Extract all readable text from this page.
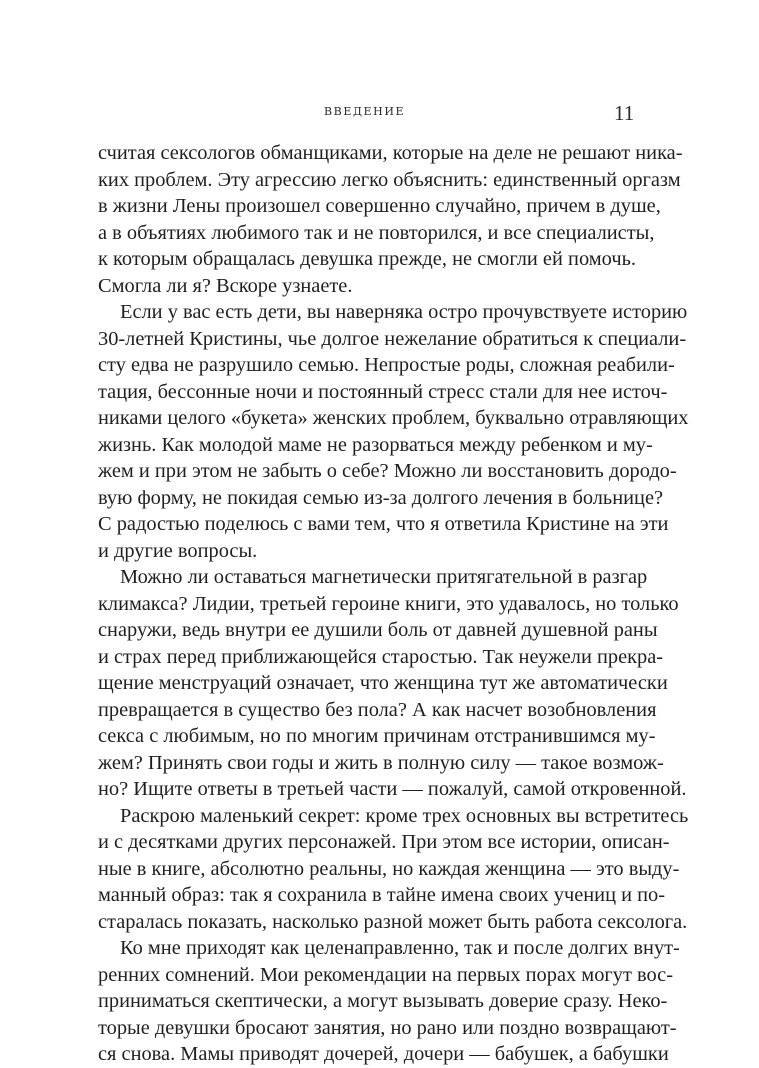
ВВЕДЕНИЕ	11

считая сексологов обманщиками, которые на деле не решают ника-
ких проблем. Эту агрессию легко объяснить: единственный оргазм
в жизни Лены произошел совершенно случайно, причем в душе,
а в объятиях любимого так и не повторился, и все специалисты,
к которым обращалась девушка прежде, не смогли ей помочь.
Смогла ли я? Вскоре узнаете.

Если у вас есть дети, вы наверняка остро прочувствуете историю
30-летней Кристины, чье долгое нежелание обратиться к специали-
сту едва не разрушило семью. Непростые роды, сложная реабили-
тация, бессонные ночи и постоянный стресс стали для нее источ-
никами целого «букета» женских проблем, буквально отравляющих
жизнь. Как молодой маме не разорваться между ребенком и му-
жем и при этом не забыть о себе? Можно ли восстановить дородо-
вую форму, не покидая семью из-за долгого лечения в больнице?
С радостью поделюсь с вами тем, что я ответила Кристине на эти
и другие вопросы.

Можно ли оставаться магнетически притягательной в разгар
климакса? Лидии, третьей героине книги, это удавалось, но только
снаружи, ведь внутри ее душили боль от давней душевной раны
и страх перед приближающейся старостью. Так неужели прекра-
щение менструаций означает, что женщина тут же автоматически
превращается в существо без пола? А как насчет возобновления
секса с любимым, но по многим причинам отстранившимся му-
жем? Принять свои годы и жить в полную силу — такое возмож-
но? Ищите ответы в третьей части — пожалуй, самой откровенной.

Раскрою маленький секрет: кроме трех основных вы встретитесь
и с десятками других персонажей. При этом все истории, описан-
ные в книге, абсолютно реальны, но каждая женщина — это выду-
манный образ: так я сохранила в тайне имена своих учениц и по-
старалась показать, насколько разной может быть работа сексолога.

Ко мне приходят как целенаправленно, так и после долгих внут-
ренних сомнений. Мои рекомендации на первых порах могут вос-
приниматься скептически, а могут вызывать доверие сразу. Неко-
торые девушки бросают занятия, но рано или поздно возвращают-
ся снова. Мамы приводят дочерей, дочери — бабушек, а бабушки
